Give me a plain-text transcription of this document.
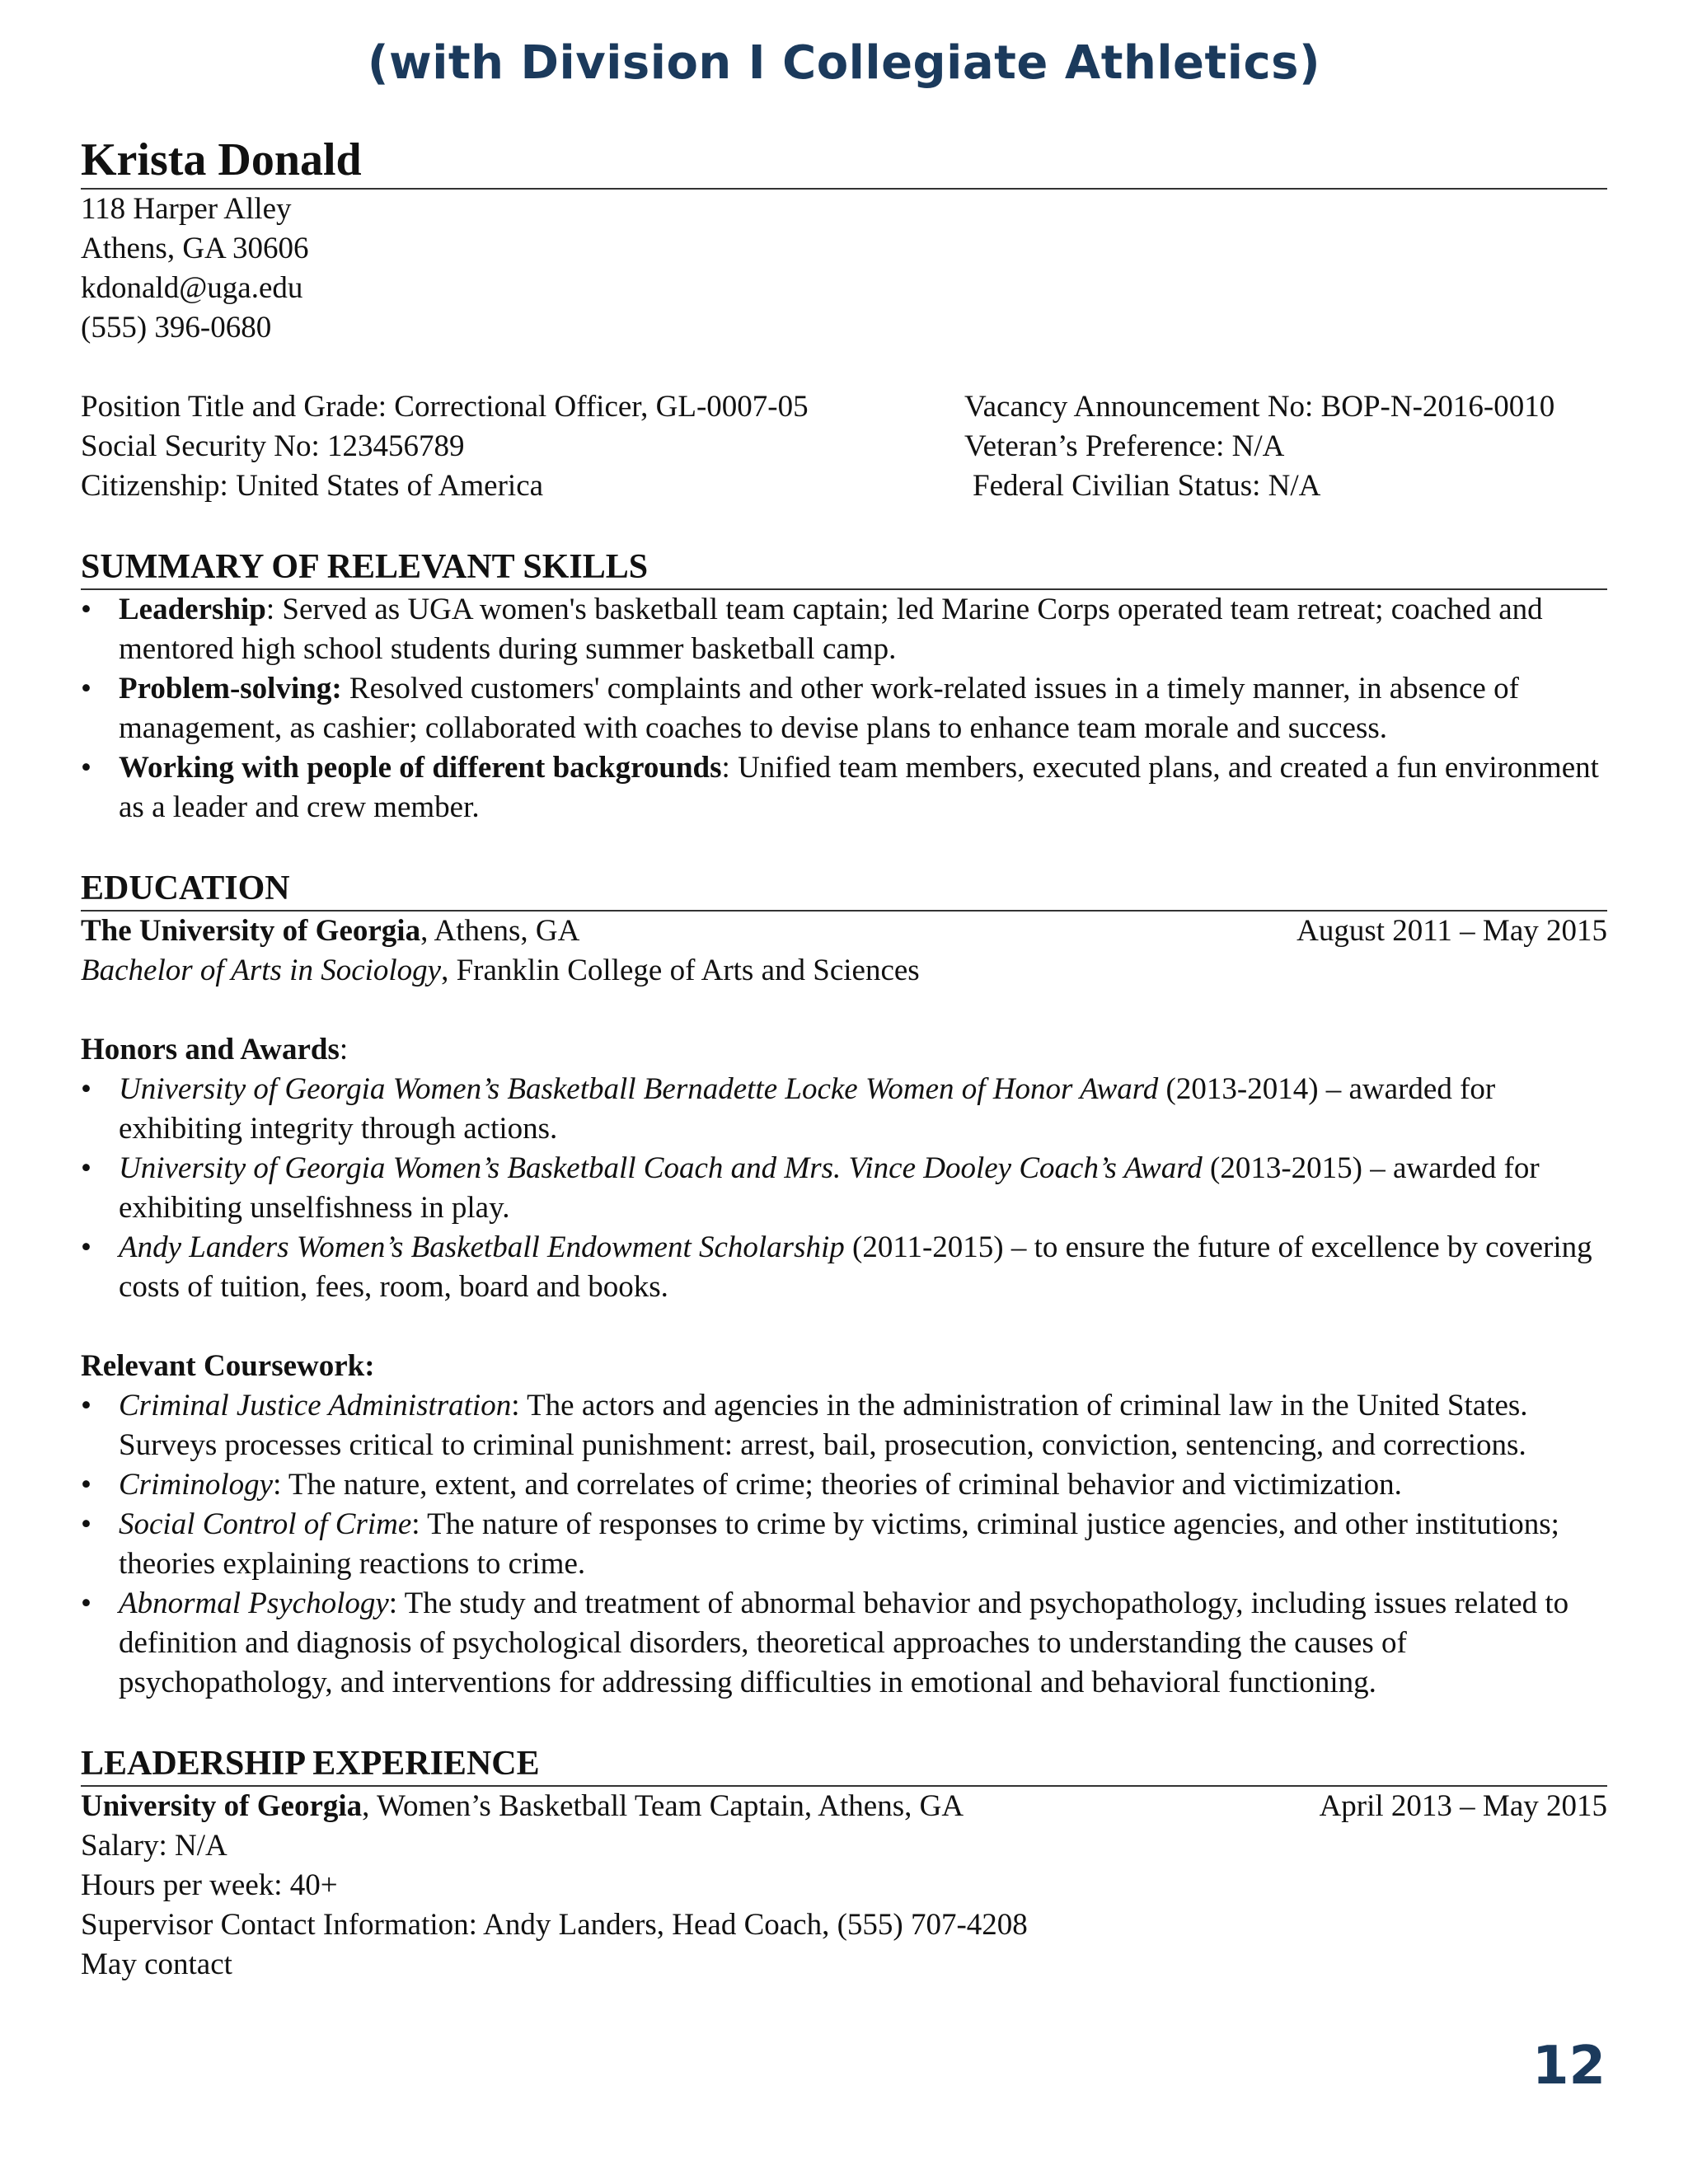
(with Division I Collegiate Athletics)
Krista Donald
118 Harper Alley
Athens, GA 30606
kdonald@uga.edu
(555) 396-0680
Position Title and Grade: Correctional Officer, GL-0007-05
Social Security No: 123456789
Citizenship: United States of America
Vacancy Announcement No: BOP-N-2016-0010
Veteran’s Preference: N/A
Federal Civilian Status: N/A
SUMMARY OF RELEVANT SKILLS
• Leadership: Served as UGA women's basketball team captain; led Marine Corps operated team retreat; coached and mentored high school students during summer basketball camp.
• Problem-solving: Resolved customers' complaints and other work-related issues in a timely manner, in absence of management, as cashier; collaborated with coaches to devise plans to enhance team morale and success.
• Working with people of different backgrounds: Unified team members, executed plans, and created a fun environment as a leader and crew member.
EDUCATION
The University of Georgia, Athens, GA	August 2011 – May 2015
Bachelor of Arts in Sociology, Franklin College of Arts and Sciences
Honors and Awards:
• University of Georgia Women’s Basketball Bernadette Locke Women of Honor Award (2013-2014) – awarded for exhibiting integrity through actions.
• University of Georgia Women’s Basketball Coach and Mrs. Vince Dooley Coach’s Award (2013-2015) – awarded for exhibiting unselfishness in play.
• Andy Landers Women’s Basketball Endowment Scholarship (2011-2015) – to ensure the future of excellence by covering costs of tuition, fees, room, board and books.
Relevant Coursework:
• Criminal Justice Administration: The actors and agencies in the administration of criminal law in the United States. Surveys processes critical to criminal punishment: arrest, bail, prosecution, conviction, sentencing, and corrections.
• Criminology: The nature, extent, and correlates of crime; theories of criminal behavior and victimization.
• Social Control of Crime: The nature of responses to crime by victims, criminal justice agencies, and other institutions; theories explaining reactions to crime.
• Abnormal Psychology: The study and treatment of abnormal behavior and psychopathology, including issues related to definition and diagnosis of psychological disorders, theoretical approaches to understanding the causes of psychopathology, and interventions for addressing difficulties in emotional and behavioral functioning.
LEADERSHIP EXPERIENCE
University of Georgia, Women’s Basketball Team Captain, Athens, GA	April 2013 – May 2015
Salary: N/A
Hours per week: 40+
Supervisor Contact Information: Andy Landers, Head Coach, (555) 707-4208
May contact
12
